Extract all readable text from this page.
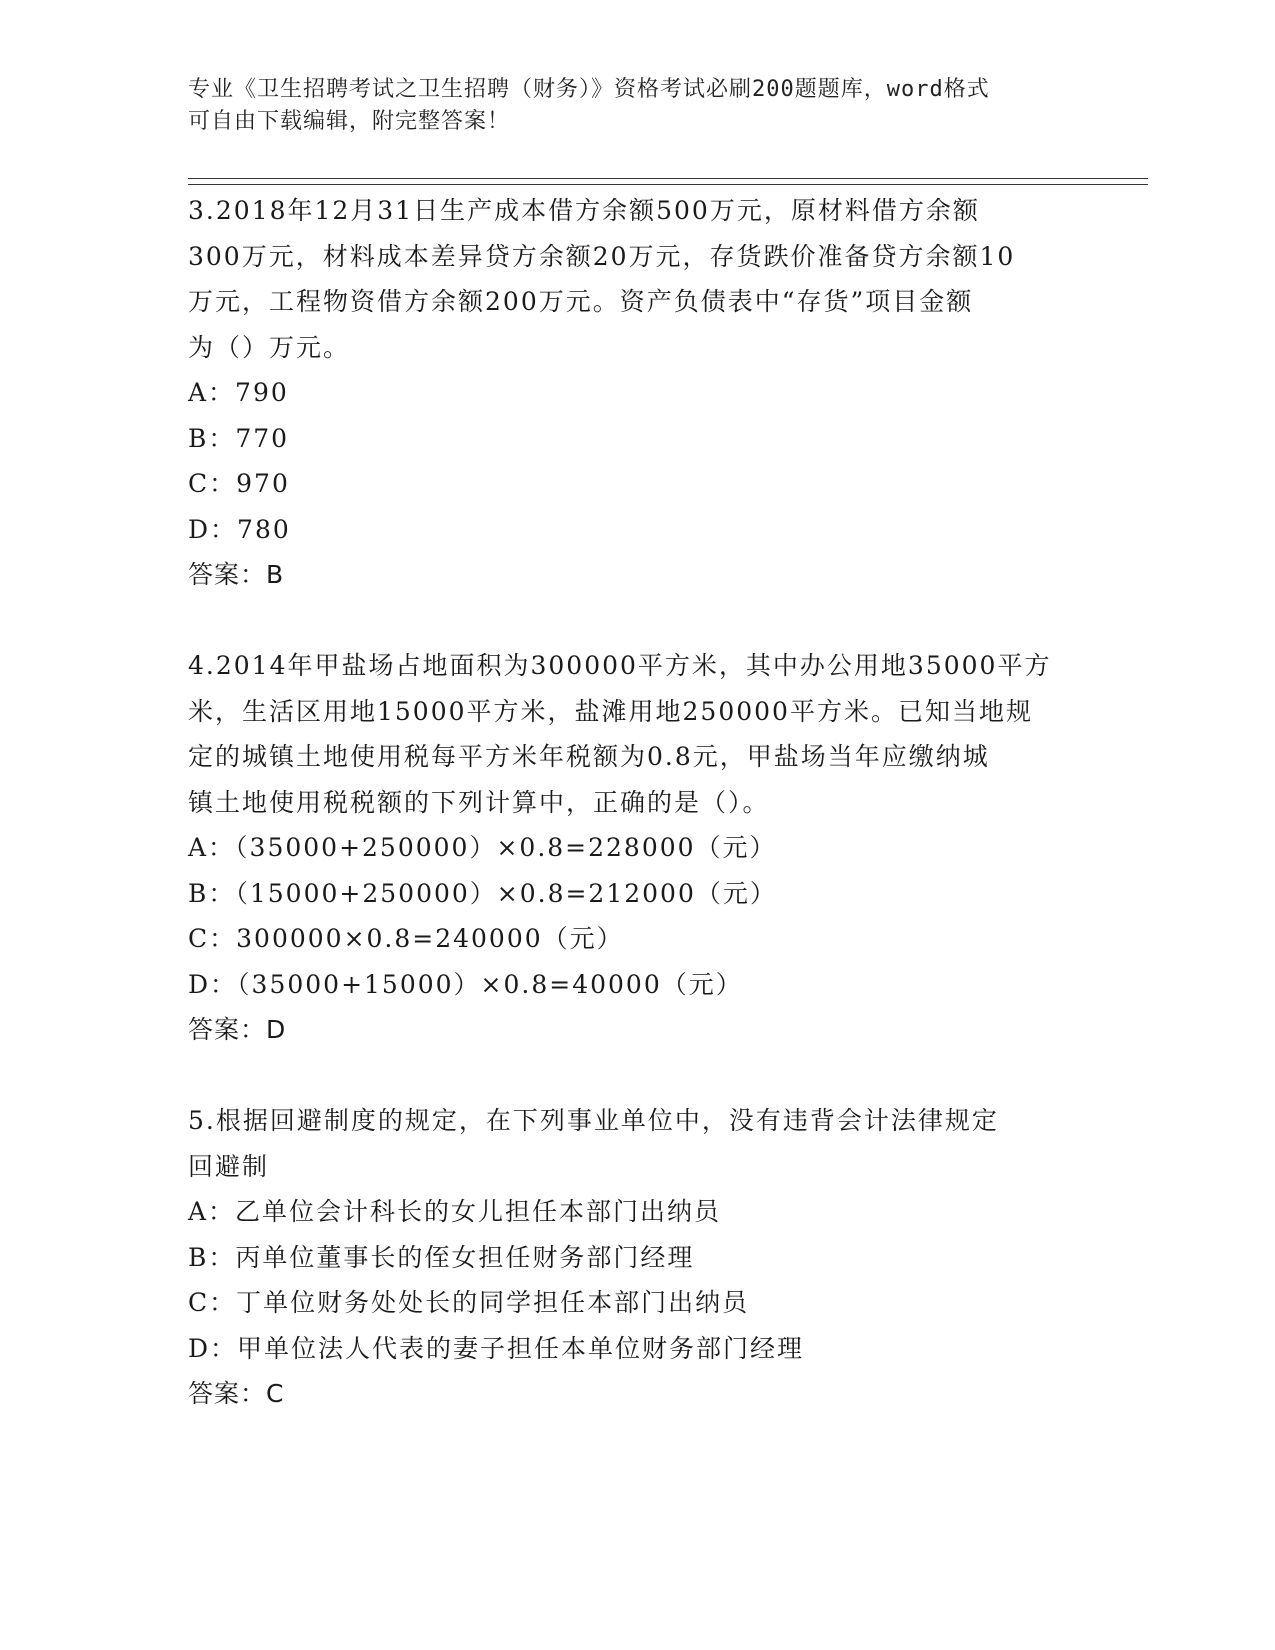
专业《卫生招聘考试之卫生招聘（财务）》资格考试必刷200题题库，word格式
可自由下载编辑，附完整答案！

3.2018年12月31日生产成本借方余额500万元，原材料借方余额

300万元，材料成本差异贷方余额20万元，存货跌价准备贷方余额10

万元，工程物资借方余额200万元。资产负债表中“存货”项目金额

为（）万元。

A：790

B：770

C：970

D：780

答案：B

4.2014年甲盐场占地面积为300000平方米，其中办公用地35000平方

米，生活区用地15000平方米，盐滩用地250000平方米。已知当地规

定的城镇土地使用税每平方米年税额为0.8元，甲盐场当年应缴纳城

镇土地使用税税额的下列计算中，正确的是（）。

A：（35000+250000）×0.8=228000（元）

B：（15000+250000）×0.8=212000（元）

C：300000×0.8=240000（元）

D：（35000+15000）×0.8=40000（元）

答案：D

5.根据回避制度的规定，在下列事业单位中，没有违背会计法律规定

回避制

A：乙单位会计科长的女儿担任本部门出纳员

B：丙单位董事长的侄女担任财务部门经理

C：丁单位财务处处长的同学担任本部门出纳员

D：甲单位法人代表的妻子担任本单位财务部门经理

答案：C
